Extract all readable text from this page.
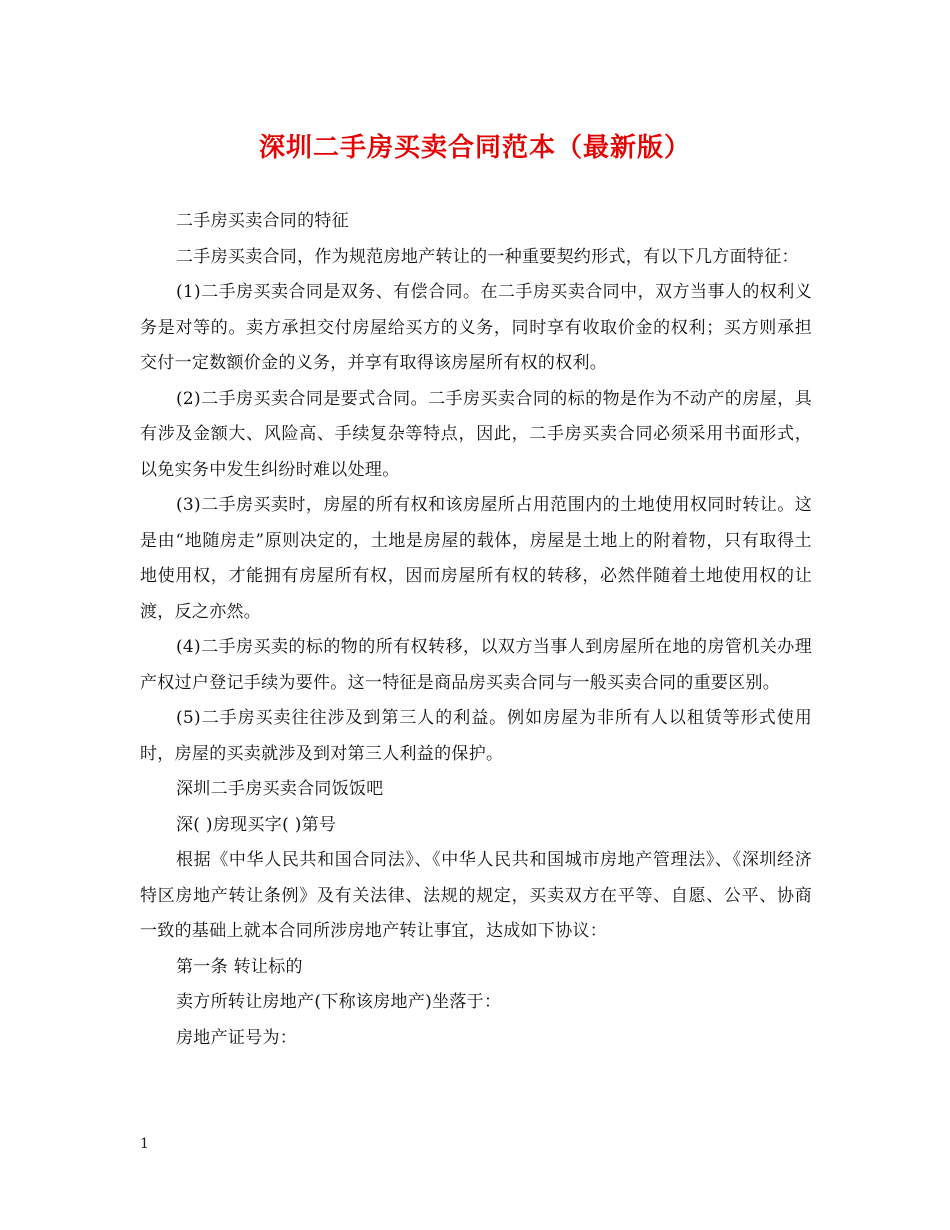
深圳二手房买卖合同范本（最新版）

二手房买卖合同的特征

二手房买卖合同，作为规范房地产转让的一种重要契约形式，有以下几方面特征：

(1)二手房买卖合同是双务、有偿合同。在二手房买卖合同中，双方当事人的权利义务是对等的。卖方承担交付房屋给买方的义务，同时享有收取价金的权利；买方则承担交付一定数额价金的义务，并享有取得该房屋所有权的权利。

(2)二手房买卖合同是要式合同。二手房买卖合同的标的物是作为不动产的房屋，具有涉及金额大、风险高、手续复杂等特点，因此，二手房买卖合同必须采用书面形式，以免实务中发生纠纷时难以处理。

(3)二手房买卖时，房屋的所有权和该房屋所占用范围内的土地使用权同时转让。这是由“地随房走”原则决定的，土地是房屋的载体，房屋是土地上的附着物，只有取得土地使用权，才能拥有房屋所有权，因而房屋所有权的转移，必然伴随着土地使用权的让渡，反之亦然。

(4)二手房买卖的标的物的所有权转移，以双方当事人到房屋所在地的房管机关办理产权过户登记手续为要件。这一特征是商品房买卖合同与一般买卖合同的重要区别。

(5)二手房买卖往往涉及到第三人的利益。例如房屋为非所有人以租赁等形式使用时，房屋的买卖就涉及到对第三人利益的保护。

深圳二手房买卖合同饭饭吧

深( )房现买字( )第号

根据《中华人民共和国合同法》、《中华人民共和国城市房地产管理法》、《深圳经济特区房地产转让条例》及有关法律、法规的规定，买卖双方在平等、自愿、公平、协商一致的基础上就本合同所涉房地产转让事宜，达成如下协议：

第一条 转让标的

卖方所转让房地产(下称该房地产)坐落于：

房地产证号为：

1
